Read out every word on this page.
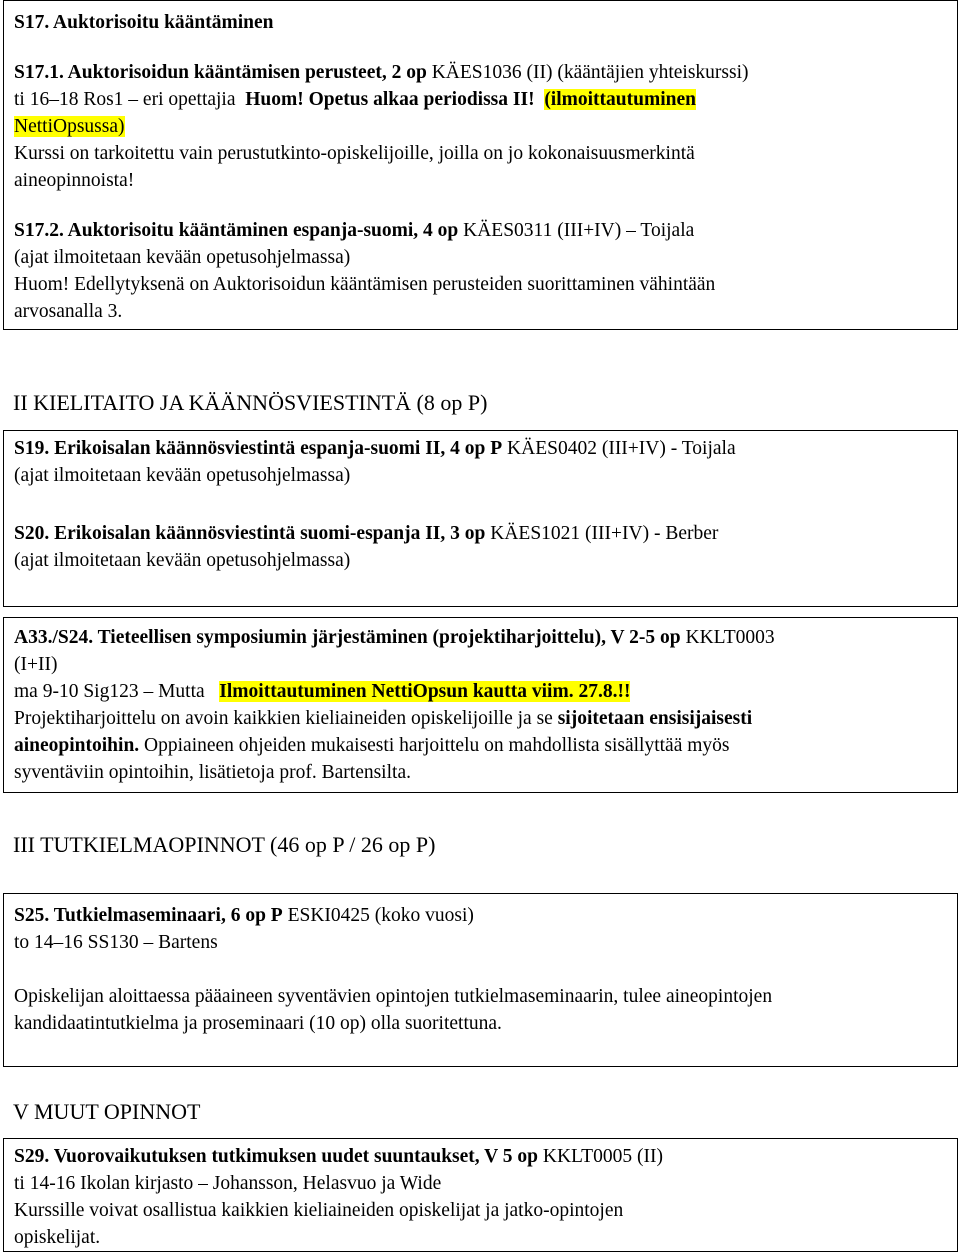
S17. Auktorisoitu kääntäminen

S17.1. Auktorisoidun kääntämisen perusteet, 2 op KÄES1036 (II) (kääntäjien yhteiskurssi)

ti 16–18 Ros1 – eri opettajia Huom! Opetus alkaa periodissa II! (ilmoittautuminen

NettiOpsussa)

Kurssi on tarkoitettu vain perustutkinto-opiskelijoille, joilla on jo kokonaisuusmerkintä

aineopinnoista!

S17.2. Auktorisoitu kääntäminen espanja-suomi, 4 op KÄES0311 (III+IV) – Toijala

(ajat ilmoitetaan kevään opetusohjelmassa)

Huom! Edellytyksenä on Auktorisoidun kääntämisen perusteiden suorittaminen vähintään

arvosanalla 3.

II KIELITAITO JA KÄÄNNÖSVIESTINTÄ (8 op P)

S19. Erikoisalan käännösviestintä espanja-suomi II, 4 op P KÄES0402 (III+IV) - Toijala

(ajat ilmoitetaan kevään opetusohjelmassa)

S20. Erikoisalan käännösviestintä suomi-espanja II, 3 op KÄES1021 (III+IV) - Berber

(ajat ilmoitetaan kevään opetusohjelmassa)

A33./S24. Tieteellisen symposiumin järjestäminen (projektiharjoittelu), V 2-5 op KKLT0003

(I+II)

ma 9-10 Sig123 – Mutta Ilmoittautuminen NettiOpsun kautta viim. 27.8.!!

Projektiharjoittelu on avoin kaikkien kieliaineiden opiskelijoille ja se sijoitetaan ensisijaisesti

aineopintoihin. Oppiaineen ohjeiden mukaisesti harjoittelu on mahdollista sisällyttää myös

syventäviin opintoihin, lisätietoja prof. Bartensilta.

III TUTKIELMAOPINNOT (46 op P / 26 op P)

S25. Tutkielmaseminaari, 6 op P ESKI0425 (koko vuosi)

to 14–16 SS130 – Bartens

Opiskelijan aloittaessa pääaineen syventävien opintojen tutkielmaseminaarin, tulee aineopintojen

kandidaatintutkielma ja proseminaari (10 op) olla suoritettuna.

V MUUT OPINNOT

S29. Vuorovaikutuksen tutkimuksen uudet suuntaukset, V 5 op KKLT0005 (II)

ti 14-16 Ikolan kirjasto – Johansson, Helasvuo ja Wide

Kurssille voivat osallistua kaikkien kieliaineiden opiskelijat ja jatko-opintojen

opiskelijat.
